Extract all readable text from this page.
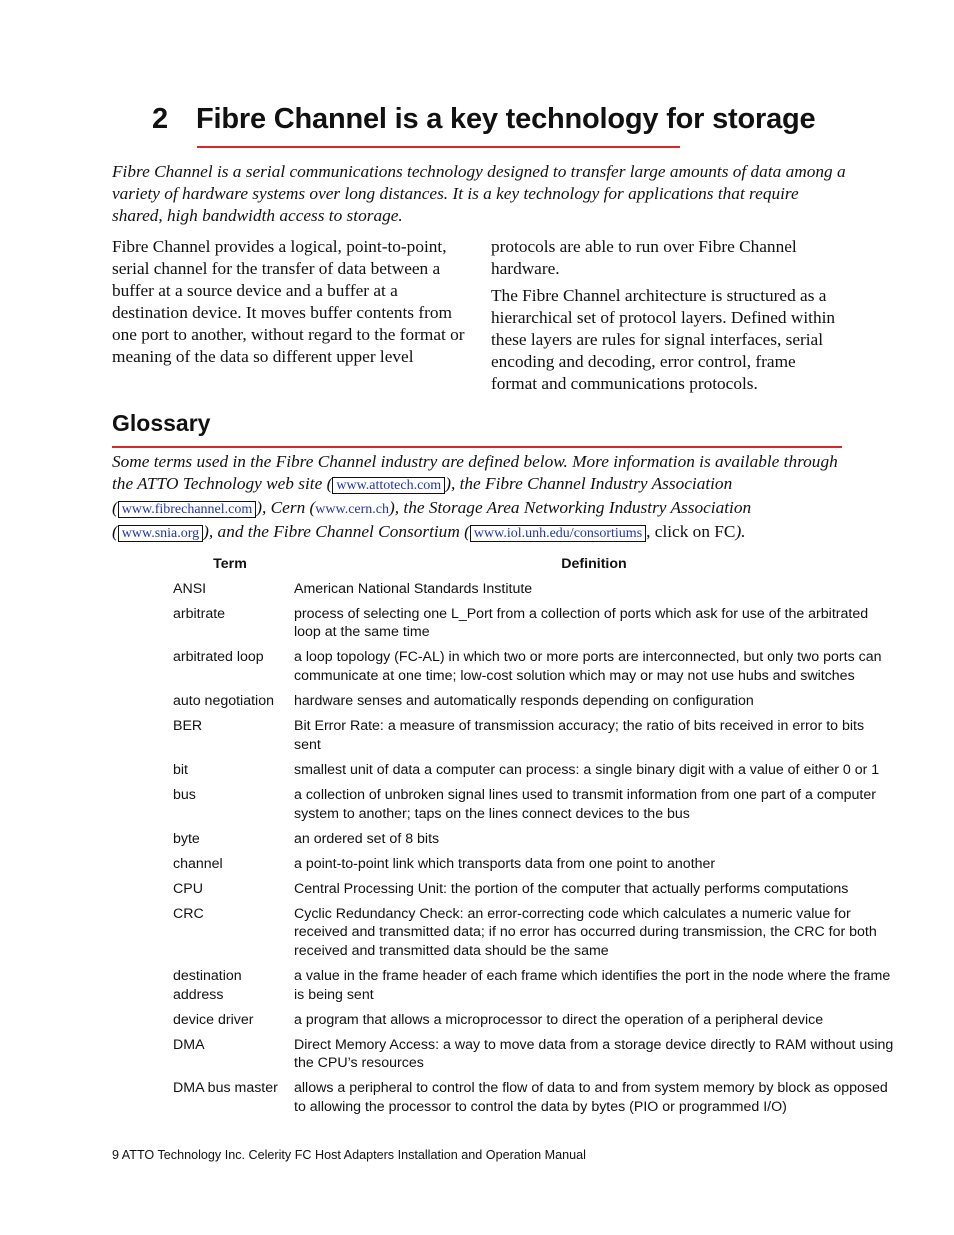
2 Fibre Channel is a key technology for storage

Fibre Channel is a serial communications technology designed to transfer large amounts of data among a variety of hardware systems over long distances. It is a key technology for applications that require shared, high bandwidth access to storage.

Fibre Channel provides a logical, point-to-point, serial channel for the transfer of data between a buffer at a source device and a buffer at a destination device. It moves buffer contents from one port to another, without regard to the format or meaning of the data so different upper level

protocols are able to run over Fibre Channel hardware.

The Fibre Channel architecture is structured as a hierarchical set of protocol layers. Defined within these layers are rules for signal interfaces, serial encoding and decoding, error control, frame format and communications protocols.

Glossary

Some terms used in the Fibre Channel industry are defined below. More information is available through the ATTO Technology web site ( www.attotech.com ), the Fibre Channel Industry Association ( www.fibrechannel.com ), Cern (www.cern.ch), the Storage Area Networking Industry Association ( www.snia.org ), and the Fibre Channel Consortium ( www.iol.unh.edu/consortiums , click on FC).

Term	Definition
ANSI	American National Standards Institute
arbitrate	process of selecting one L_Port from a collection of ports which ask for use of the arbitrated loop at the same time
arbitrated loop	a loop topology (FC-AL) in which two or more ports are interconnected, but only two ports can communicate at one time; low-cost solution which may or may not use hubs and switches
auto negotiation	hardware senses and automatically responds depending on configuration
BER	Bit Error Rate: a measure of transmission accuracy; the ratio of bits received in error to bits sent
bit	smallest unit of data a computer can process: a single binary digit with a value of either 0 or 1
bus	a collection of unbroken signal lines used to transmit information from one part of a computer system to another; taps on the lines connect devices to the bus
byte	an ordered set of 8 bits
channel	a point-to-point link which transports data from one point to another
CPU	Central Processing Unit: the portion of the computer that actually performs computations
CRC	Cyclic Redundancy Check: an error-correcting code which calculates a numeric value for received and transmitted data; if no error has occurred during transmission, the CRC for both received and transmitted data should be the same
destination address	a value in the frame header of each frame which identifies the port in the node where the frame is being sent
device driver	a program that allows a microprocessor to direct the operation of a peripheral device
DMA	Direct Memory Access: a way to move data from a storage device directly to RAM without using the CPU’s resources
DMA bus master	allows a peripheral to control the flow of data to and from system memory by block as opposed to allowing the processor to control the data by bytes (PIO or programmed I/O)

9 ATTO Technology Inc. Celerity FC Host Adapters Installation and Operation Manual
